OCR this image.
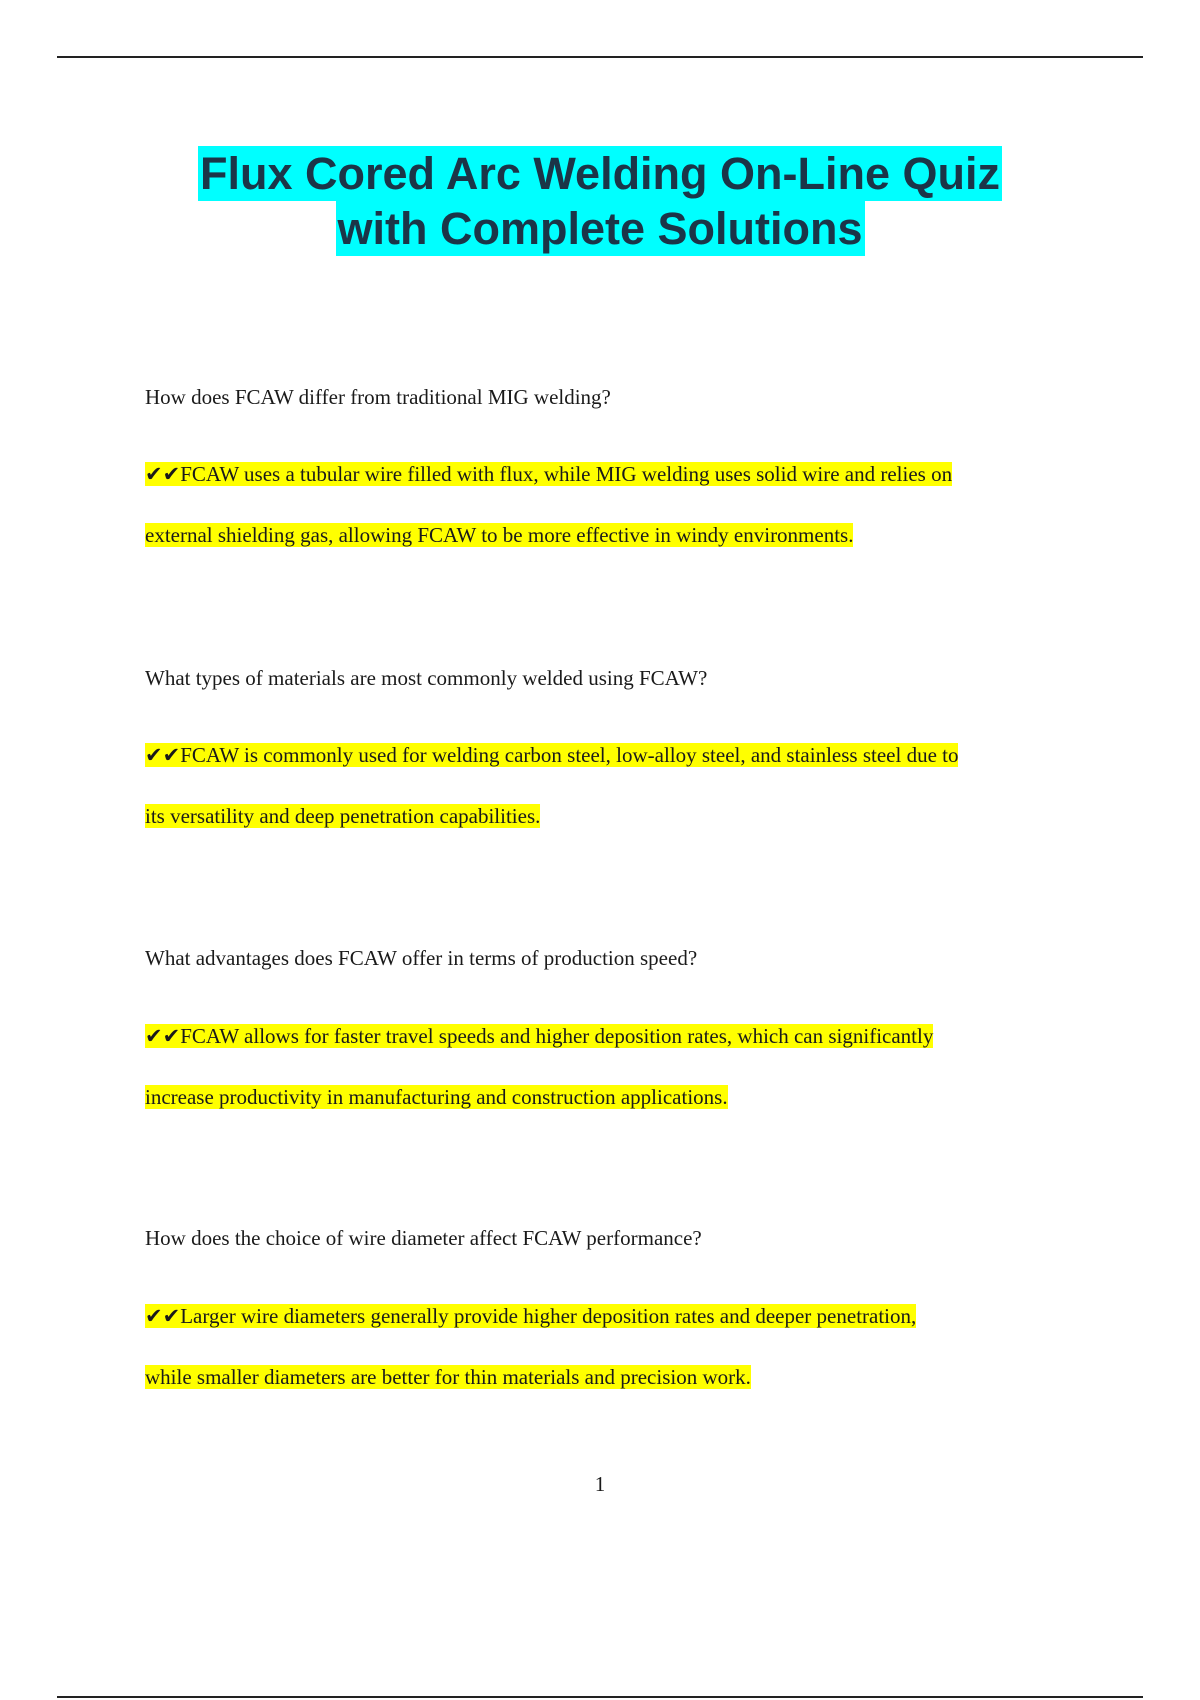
Flux Cored Arc Welding On-Line Quiz
with Complete Solutions

How does FCAW differ from traditional MIG welding?

✔✔FCAW uses a tubular wire filled with flux, while MIG welding uses solid wire and relies on
external shielding gas, allowing FCAW to be more effective in windy environments.

What types of materials are most commonly welded using FCAW?

✔✔FCAW is commonly used for welding carbon steel, low-alloy steel, and stainless steel due to
its versatility and deep penetration capabilities.

What advantages does FCAW offer in terms of production speed?

✔✔FCAW allows for faster travel speeds and higher deposition rates, which can significantly
increase productivity in manufacturing and construction applications.

How does the choice of wire diameter affect FCAW performance?

✔✔Larger wire diameters generally provide higher deposition rates and deeper penetration,
while smaller diameters are better for thin materials and precision work.
1
